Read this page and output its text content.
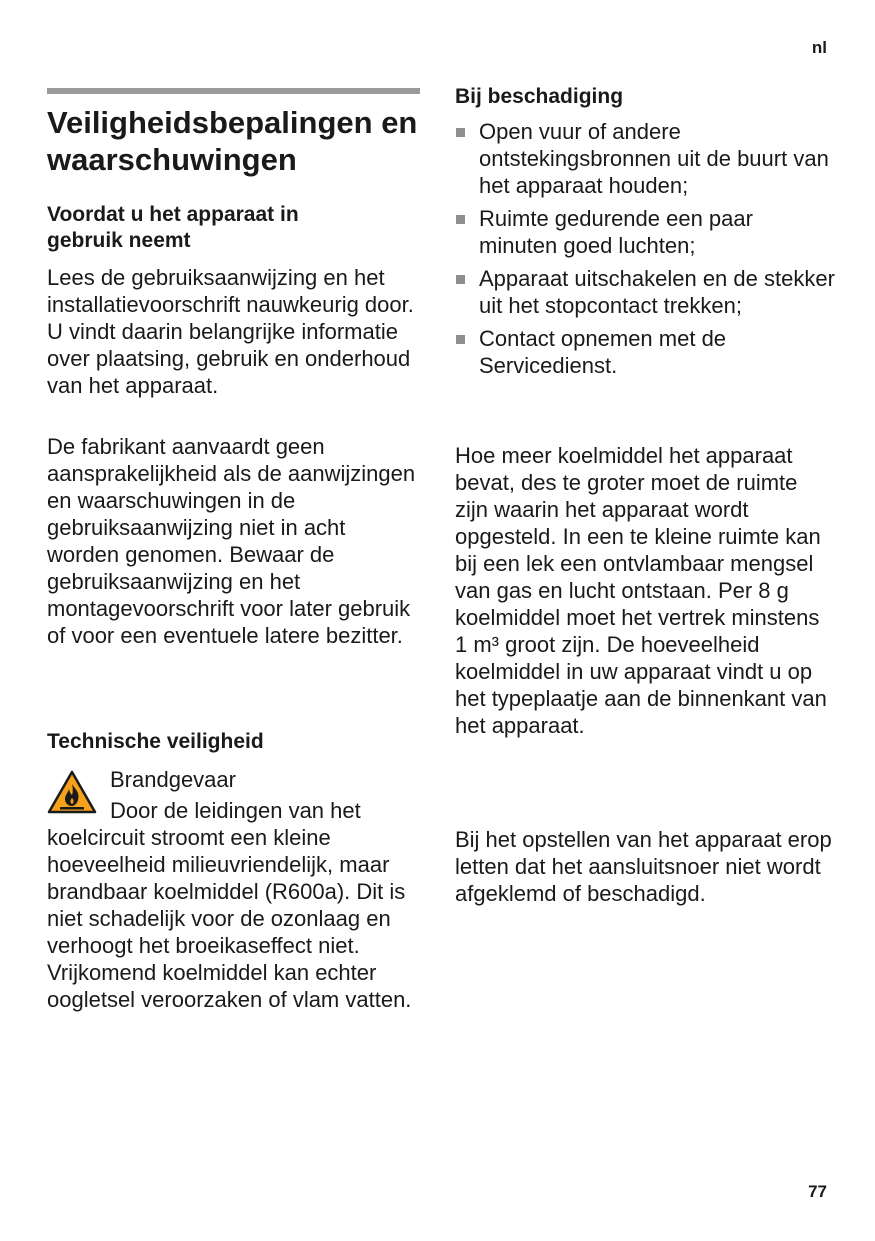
nl
Veiligheidsbepalingen en waarschuwingen
Voordat u het apparaat in gebruik neemt

Lees de gebruiksaanwijzing en het installatievoorschrift nauwkeurig door. U vindt daarin belangrijke informatie over plaatsing, gebruik en onderhoud van het apparaat.

De fabrikant aanvaardt geen aansprakelijkheid als de aanwijzingen en waarschuwingen in de gebruiksaanwijzing niet in acht worden genomen. Bewaar de gebruiksaanwijzing en het montagevoorschrift voor later gebruik of voor een eventuele latere bezitter.

Technische veiligheid
Brandgevaar

Door de leidingen van het koelcircuit stroomt een kleine hoeveelheid milieuvriendelijk, maar brandbaar koelmiddel (R600a). Dit is niet schadelijk voor de ozonlaag en verhoogt het broeikaseffect niet. Vrijkomend koelmiddel kan echter oogletsel veroorzaken of vlam vatten.

Bij beschadiging
Open vuur of andere ontstekingsbronnen uit de buurt van het apparaat houden;
Ruimte gedurende een paar minuten goed luchten;
Apparaat uitschakelen en de stekker uit het stopcontact trekken;
Contact opnemen met de Servicedienst.

Hoe meer koelmiddel het apparaat bevat, des te groter moet de ruimte zijn waarin het apparaat wordt opgesteld. In een te kleine ruimte kan bij een lek een ontvlambaar mengsel van gas en lucht ontstaan. Per 8 g koelmiddel moet het vertrek minstens 1 m³ groot zijn. De hoeveelheid koelmiddel in uw apparaat vindt u op het typeplaatje aan de binnenkant van het apparaat.

Bij het opstellen van het apparaat erop letten dat het aansluitsnoer niet wordt afgeklemd of beschadigd.

77
